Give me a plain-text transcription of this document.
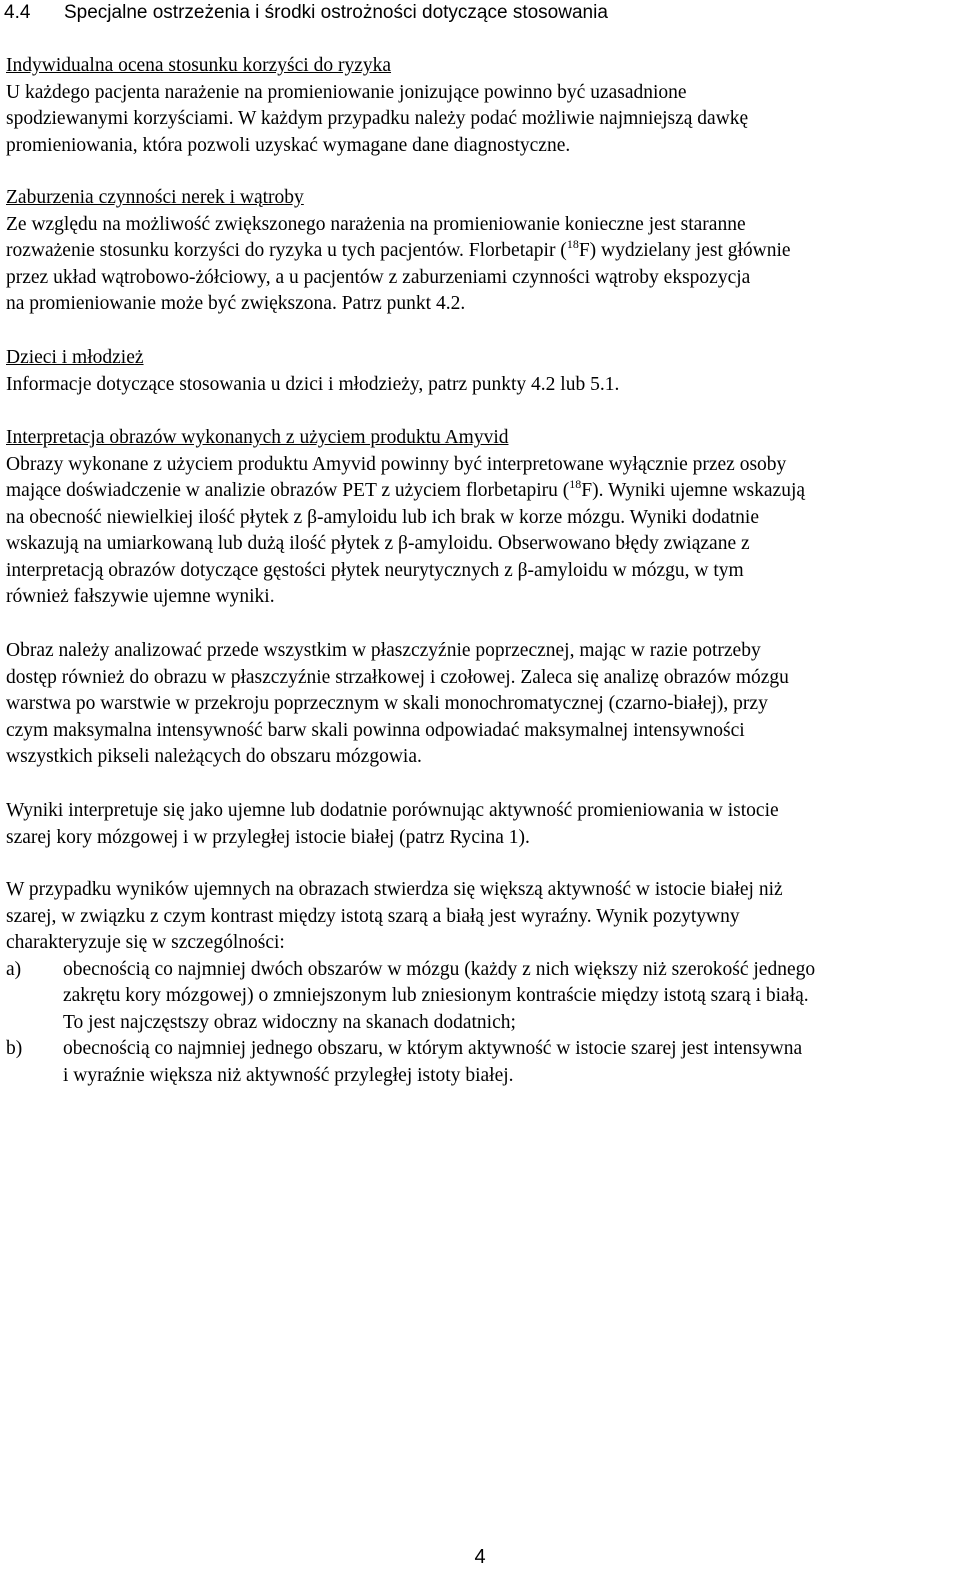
4.4 Specjalne ostrzeżenia i środki ostrożności dotyczące stosowania

Indywidualna ocena stosunku korzyści do ryzyka

U każdego pacjenta narażenie na promieniowanie jonizujące powinno być uzasadnione
spodziewanymi korzyściami. W każdym przypadku należy podać możliwie najmniejszą dawkę
promieniowania, która pozwoli uzyskać wymagane dane diagnostyczne.

Zaburzenia czynności nerek i wątroby

Ze względu na możliwość zwiększonego narażenia na promieniowanie konieczne jest staranne
rozważenie stosunku korzyści do ryzyka u tych pacjentów. Florbetapir ($^{18}$F) wydzielany jest głównie
przez układ wątrobowo-żółciowy, a u pacjentów z zaburzeniami czynności wątroby ekspozycja
na promieniowanie może być zwiększona. Patrz punkt 4.2.

Dzieci i młodzież

Informacje dotyczące stosowania u dzici i młodzieży, patrz punkty 4.2 lub 5.1.

Interpretacja obrazów wykonanych z użyciem produktu Amyvid

Obrazy wykonane z użyciem produktu Amyvid powinny być interpretowane wyłącznie przez osoby
mające doświadczenie w analizie obrazów PET z użyciem florbetapiru ($^{18}$F). Wyniki ujemne wskazują
na obecność niewielkiej ilość płytek z β-amyloidu lub ich brak w korze mózgu. Wyniki dodatnie
wskazują na umiarkowaną lub dużą ilość płytek z β-amyloidu. Obserwowano błędy związane z
interpretacją obrazów dotyczące gęstości płytek neurytycznych z β-amyloidu w mózgu, w tym
również fałszywie ujemne wyniki.
Obraz należy analizować przede wszystkim w płaszczyźnie poprzecznej, mając w razie potrzeby
dostęp również do obrazu w płaszczyźnie strzałkowej i czołowej. Zaleca się analizę obrazów mózgu
warstwa po warstwie w przekroju poprzecznym w skali monochromatycznej (czarno-białej), przy
czym maksymalna intensywność barw skali powinna odpowiadać maksymalnej intensywności
wszystkich pikseli należących do obszaru mózgowia.
Wyniki interpretuje się jako ujemne lub dodatnie porównując aktywność promieniowania w istocie
szarej kory mózgowej i w przyległej istocie białej (patrz Rycina 1).
W przypadku wyników ujemnych na obrazach stwierdza się większą aktywność w istocie białej niż
szarej, w związku z czym kontrast między istotą szarą a białą jest wyraźny. Wynik pozytywny
charakteryzuje się w szczególności:
a) obecnością co najmniej dwóch obszarów w mózgu (każdy z nich większy niż szerokość jednego
zakrętu kory mózgowej) o zmniejszonym lub zniesionym kontraście między istotą szarą i białą.
To jest najczęstszy obraz widoczny na skanach dodatnich;
b) obecnością co najmniej jednego obszaru, w którym aktywność w istocie szarej jest intensywna
i wyraźnie większa niż aktywność przyległej istoty białej.
4
